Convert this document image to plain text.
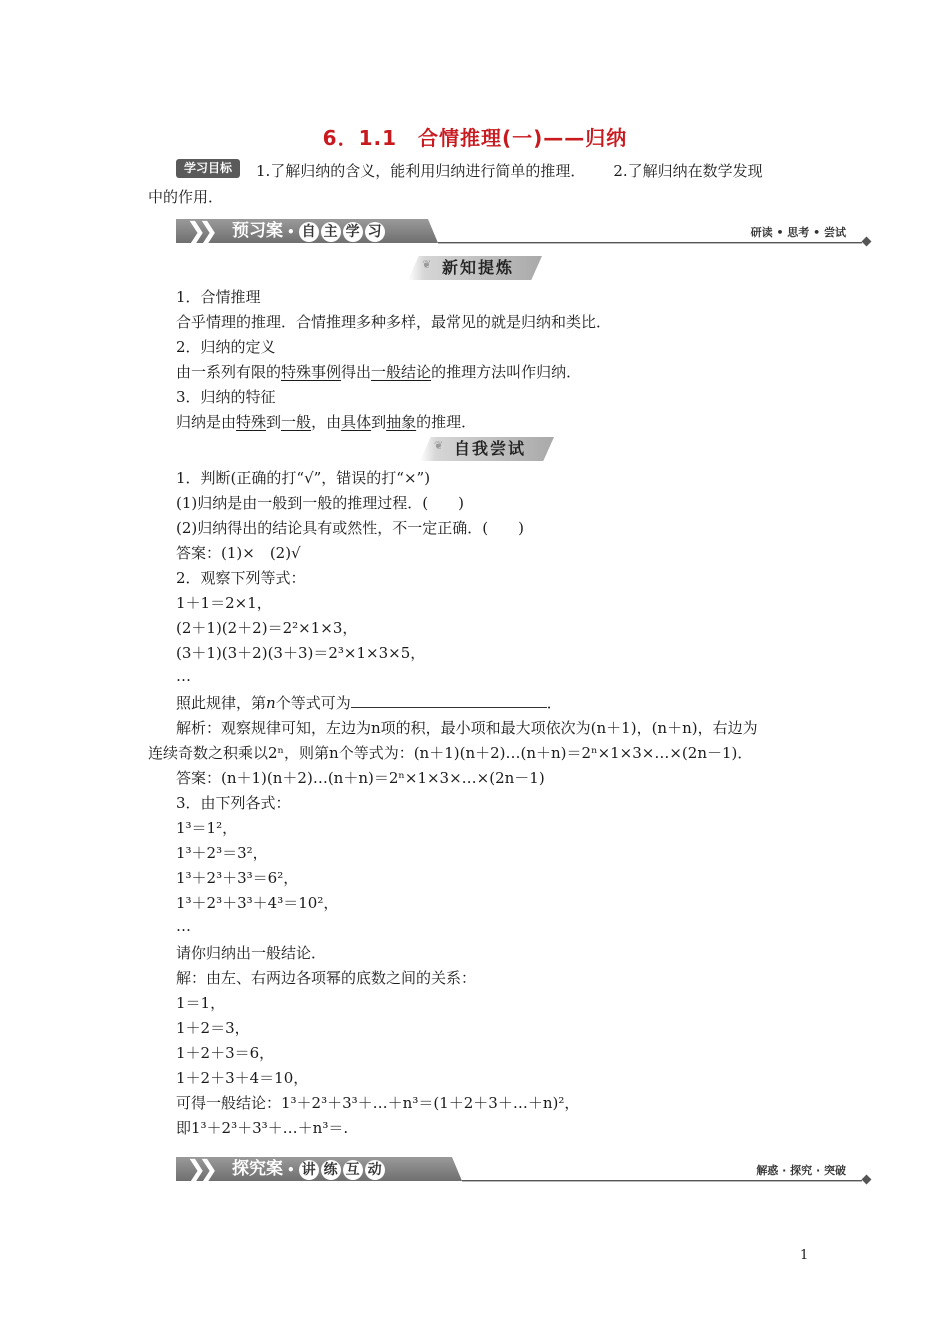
6．1.1　合情推理(一)——归纳
学习目标	1.了解归纳的含义，能利用归纳进行简单的推理． 2.了解归纳在数学发现
中的作用．
❯❯ 预习案 • 自 主 学 习	研读 • 思考 • 尝试
❦ 新知提炼
1．合情推理
合乎情理的推理．合情推理多种多样，最常见的就是归纳和类比．
2．归纳的定义
由一系列有限的特殊事例得出一般结论的推理方法叫作归纳．
3．归纳的特征
归纳是由特殊到一般，由具体到抽象的推理．
❦ 自我尝试
1．判断(正确的打“√”，错误的打“×”)
(1)归纳是由一般到一般的推理过程．(　　)
(2)归纳得出的结论具有或然性，不一定正确．(　　)
答案：(1)×　(2)√
2．观察下列等式：
1＋1＝2×1，
(2＋1)(2＋2)＝2²×1×3，
(3＋1)(3＋2)(3＋3)＝2³×1×3×5，
…
照此规律，第n个等式可为	．
解析：观察规律可知，左边为n项的积，最小项和最大项依次为(n＋1)，(n＋n)，右边为
连续奇数之积乘以2ⁿ，则第n个等式为：(n＋1)(n＋2)…(n＋n)＝2ⁿ×1×3×…×(2n－1)．
答案：(n＋1)(n＋2)…(n＋n)＝2ⁿ×1×3×…×(2n－1)
3．由下列各式：
1³＝1²，
1³＋2³＝3²，
1³＋2³＋3³＝6²，
1³＋2³＋3³＋4³＝10²，
…
请你归纳出一般结论．
解：由左、右两边各项幂的底数之间的关系：
1＝1，
1＋2＝3，
1＋2＋3＝6，
1＋2＋3＋4＝10，
可得一般结论：1³＋2³＋3³＋…＋n³＝(1＋2＋3＋…＋n)²，
即1³＋2³＋3³＋…＋n³＝.
❯❯ 探究案 • 讲 练 互 动	解惑 · 探究 · 突破
1
